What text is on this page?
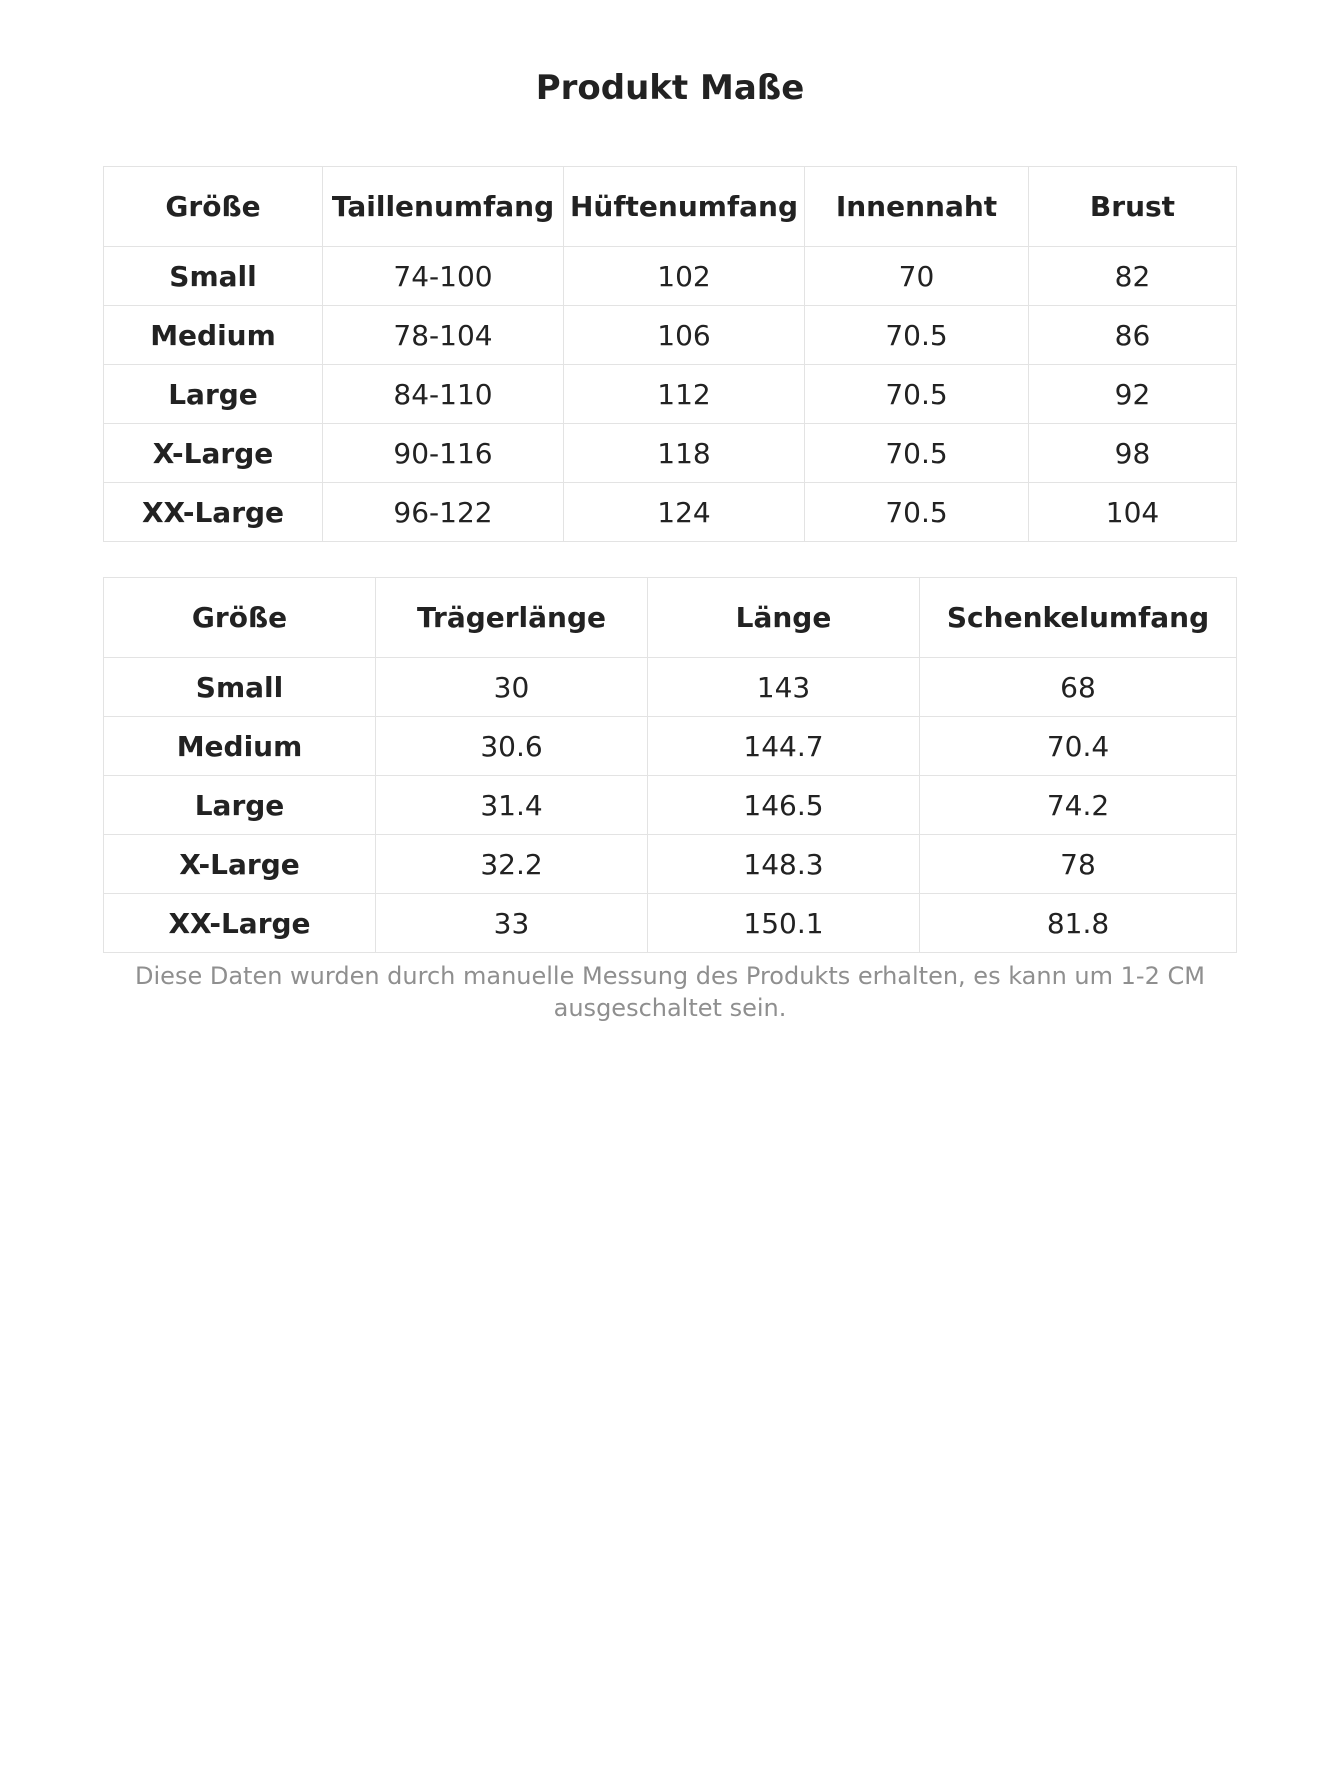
Produkt Maße
Größe	Taillenumfang	Hüftenumfang	Innennaht	Brust
Small	74-100	102	70	82
Medium	78-104	106	70.5	86
Large	84-110	112	70.5	92
X-Large	90-116	118	70.5	98
XX-Large	96-122	124	70.5	104
Größe	Trägerlänge	Länge	Schenkelumfang
Small	30	143	68
Medium	30.6	144.7	70.4
Large	31.4	146.5	74.2
X-Large	32.2	148.3	78
XX-Large	33	150.1	81.8

Diese Daten wurden durch manuelle Messung des Produkts erhalten, es kann um 1-2 CM ausgeschaltet sein.
